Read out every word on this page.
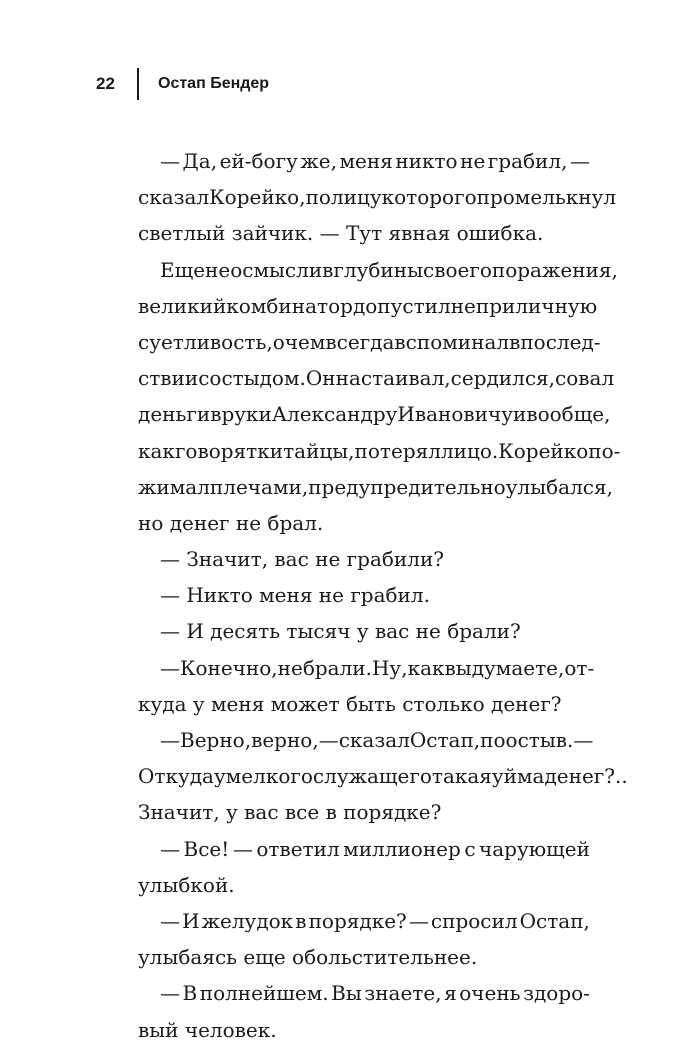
22	Остап Бендер
— Да, ей-богу же, меня никто не грабил, —
сказал Корейко, по лицу которого промелькнул
светлый зайчик. — Тут явная ошибка.
Еще не осмыслив глубины своего поражения,
великий комбинатор допустил неприличную
суетливость, о чем всегда вспоминал впослед-
ствии со стыдом. Он настаивал, сердился, совал
деньги в руки Александру Ивановичу и вообще,
как говорят китайцы, потерял лицо. Корейко по-
жимал плечами, предупредительно улыбался,
но денег не брал.
— Значит, вас не грабили?
— Никто меня не грабил.
— И десять тысяч у вас не брали?
— Конечно, не брали. Ну, как вы думаете, от-
куда у меня может быть столько денег?
— Верно, верно, — сказал Остап, поостыв. —
Откуда у мелкого служащего такая уйма денег?..
Значит, у вас все в порядке?
— Все! — ответил миллионер с чарующей
улыбкой.
— И желудок в порядке? — спросил Остап,
улыбаясь еще обольстительнее.
— В полнейшем. Вы знаете, я очень здоро-
вый человек.
